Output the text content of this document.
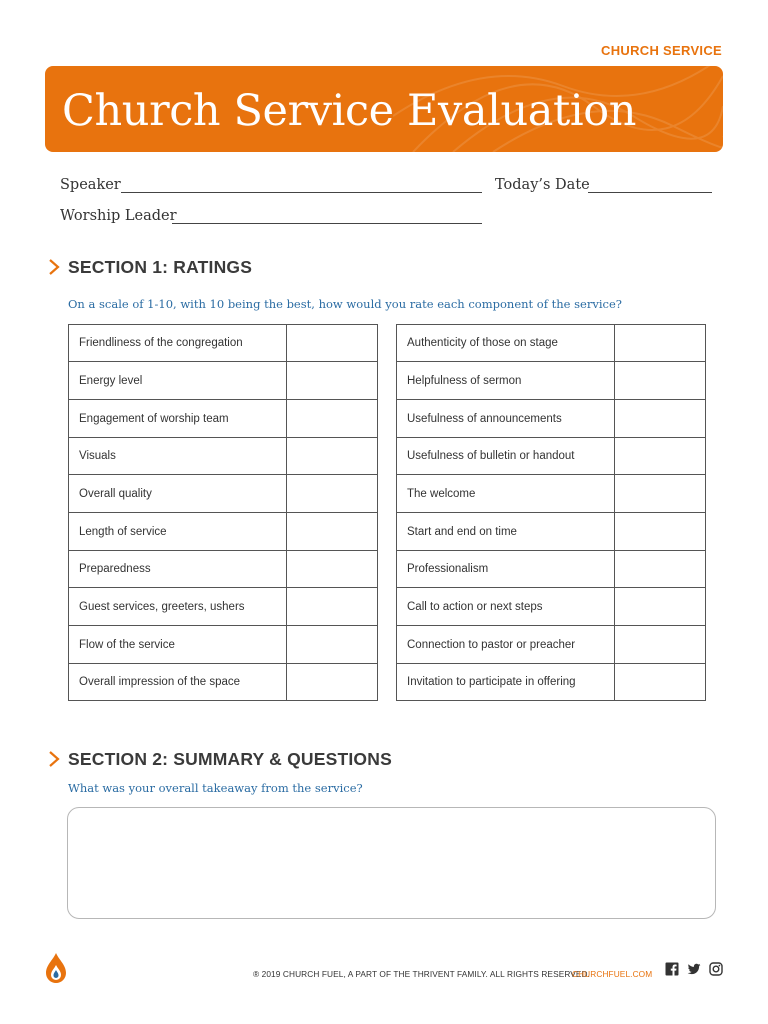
CHURCH SERVICE
Church Service Evaluation
Speaker	Today’s Date
Worship Leader
SECTION 1: RATINGS
On a scale of 1-10, with 10 being the best, how would you rate each component of the service?
Friendliness of the congregation
Energy level
Engagement of worship team
Visuals
Overall quality
Length of service
Preparedness
Guest services, greeters, ushers
Flow of the service
Overall impression of the space
Authenticity of those on stage
Helpfulness of sermon
Usefulness of announcements
Usefulness of bulletin or handout
The welcome
Start and end on time
Professionalism
Call to action or next steps
Connection to pastor or preacher
Invitation to participate in offering
SECTION 2: SUMMARY & QUESTIONS
What was your overall takeaway from the service?
® 2019 CHURCH FUEL, A PART OF THE THRIVENT FAMILY. ALL RIGHTS RESERVED.
CHURCHFUEL.COM
